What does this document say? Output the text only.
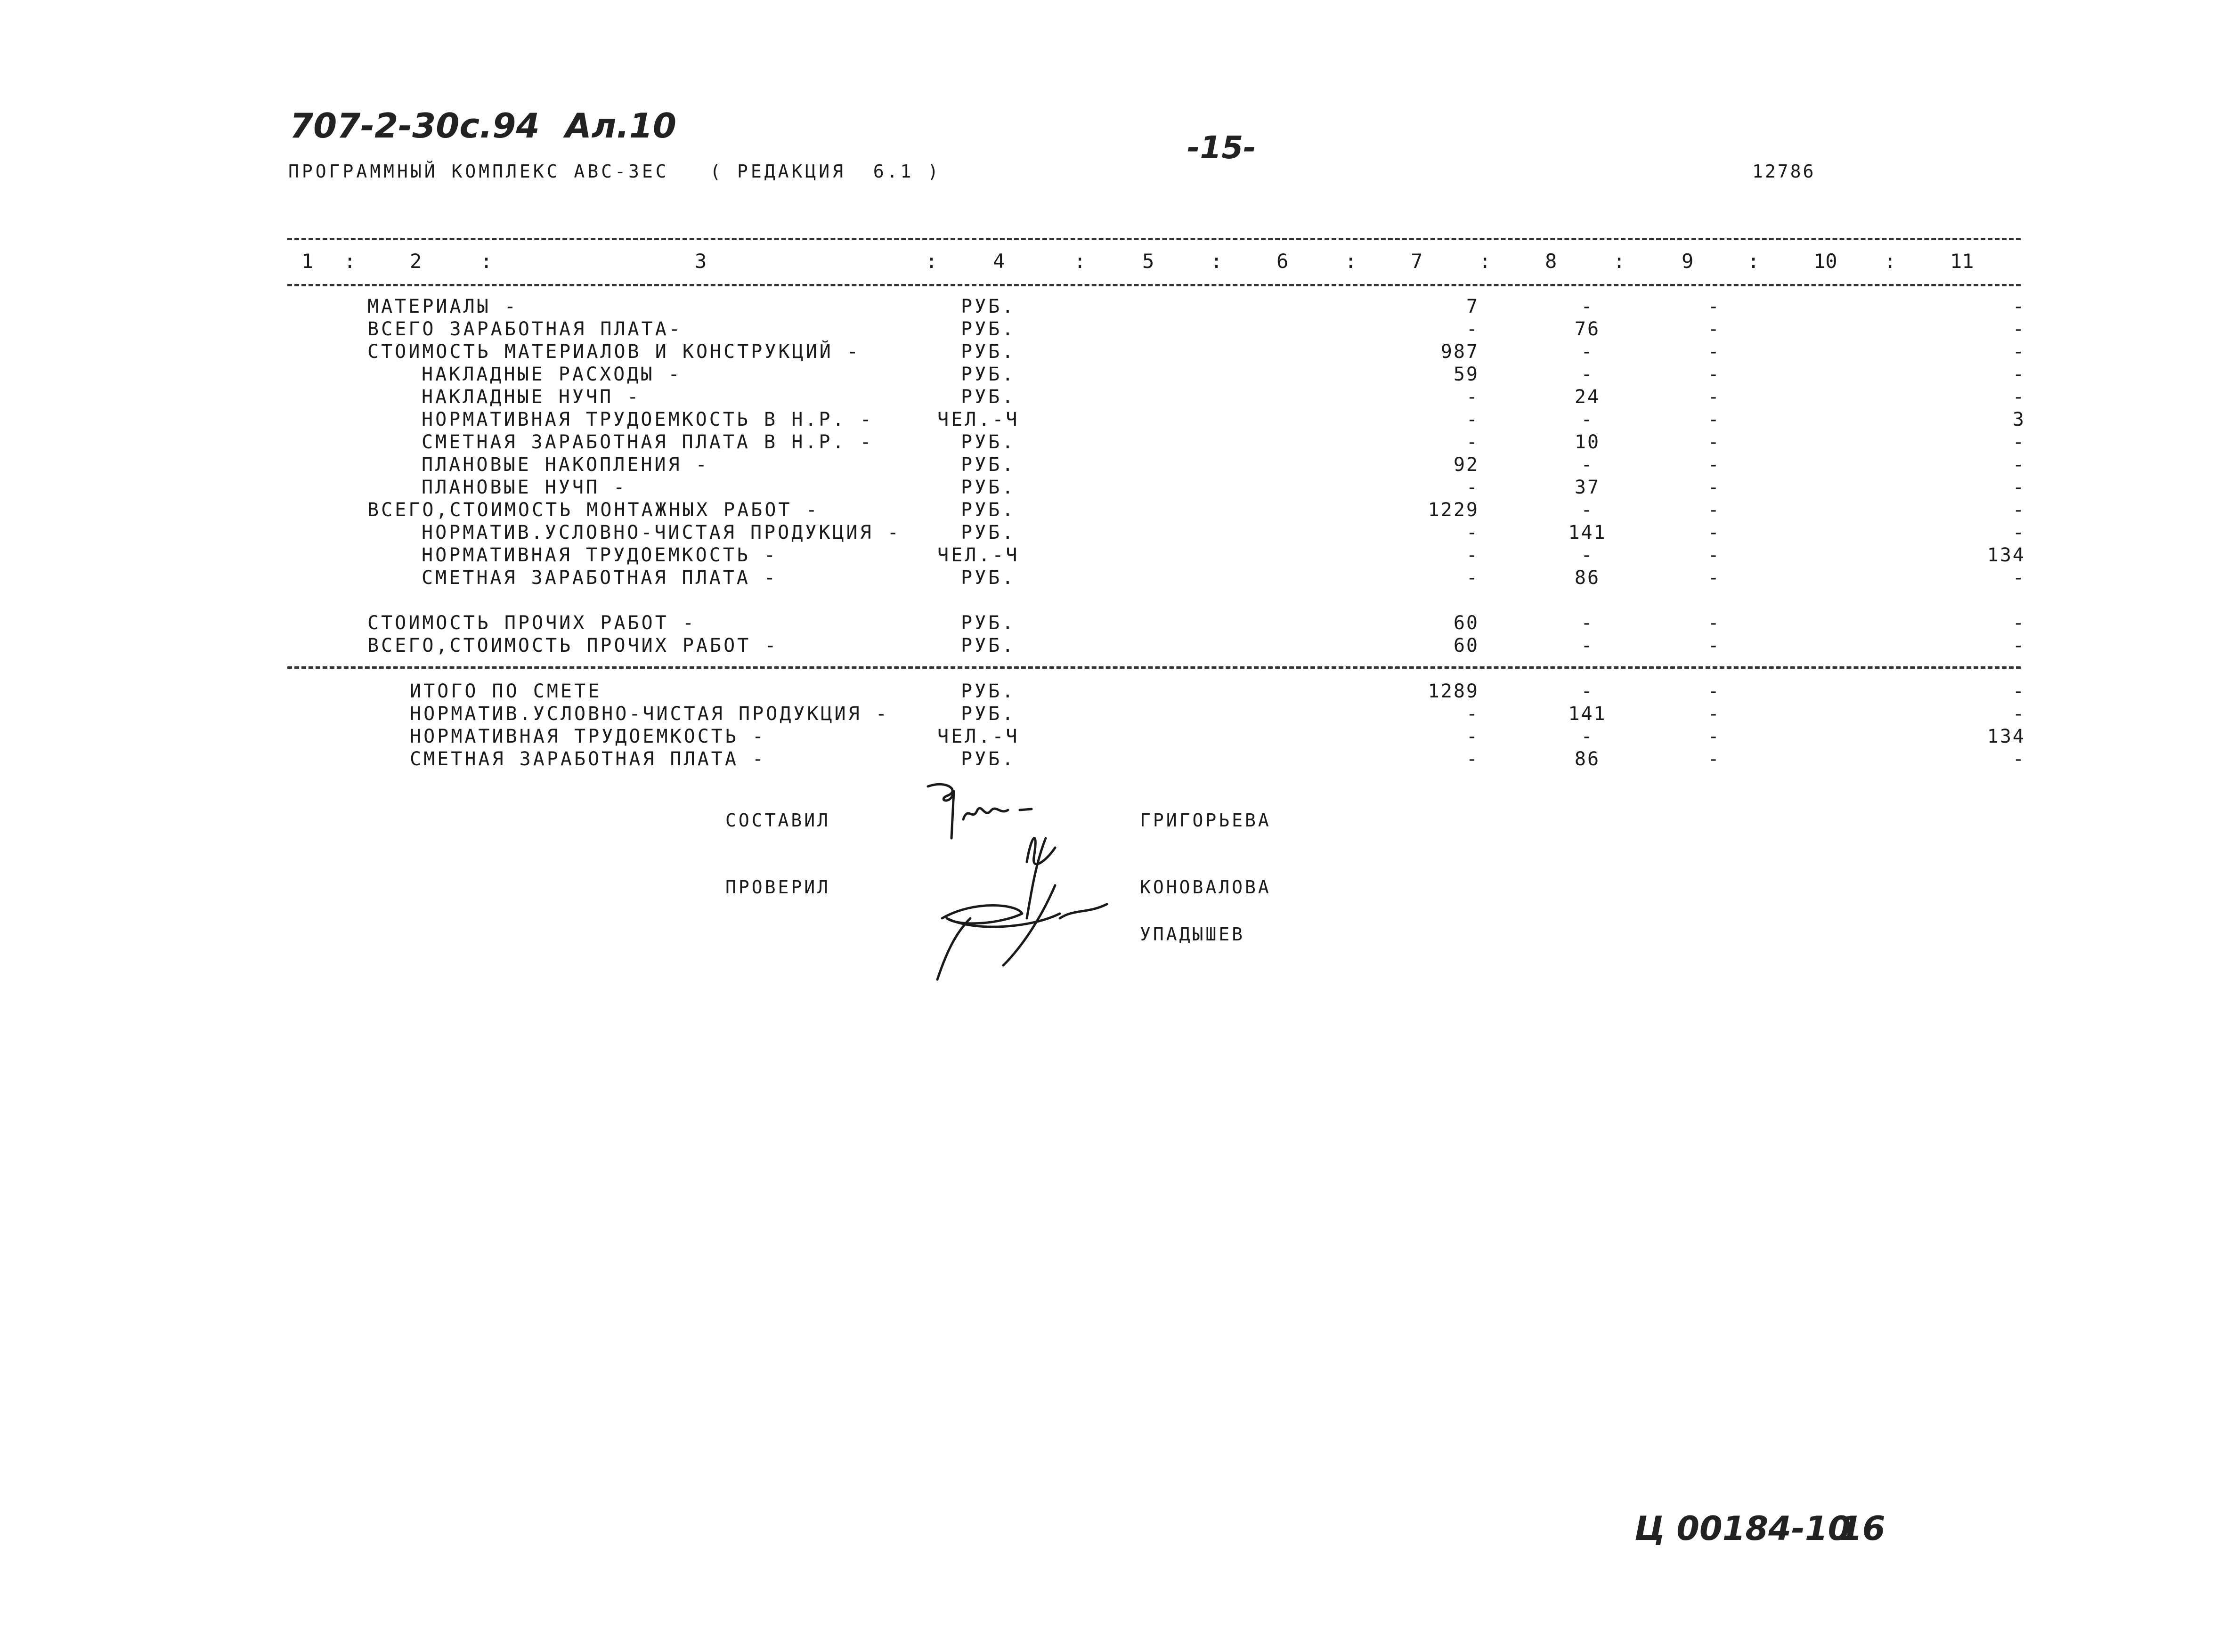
707-2-30с.94 Ал.10
-15-
ПРОГРАММНЫЙ КОМПЛЕКС АВС-3ЕС   ( РЕДАКЦИЯ  6.1 )	12786
1	2	3	4	5	6	7	8	9	10	11
:	:	:	:	:	:	:	:	:	:
МАТЕРИАЛЫ -	РУБ.	7	-	-	-
ВСЕГО ЗАРАБОТНАЯ ПЛАТА-	РУБ.	-	76	-	-
СТОИМОСТЬ МАТЕРИАЛОВ И КОНСТРУКЦИЙ -	РУБ.	987	-	-	-
НАКЛАДНЫЕ РАСХОДЫ -	РУБ.	59	-	-	-
НАКЛАДНЫЕ НУЧП -	РУБ.	-	24	-	-
НОРМАТИВНАЯ ТРУДОЕМКОСТЬ В Н.Р. -	ЧЕЛ.-Ч	-	-	-	3
СМЕТНАЯ ЗАРАБОТНАЯ ПЛАТА В Н.Р. -	РУБ.	-	10	-	-
ПЛАНОВЫЕ НАКОПЛЕНИЯ -	РУБ.	92	-	-	-
ПЛАНОВЫЕ НУЧП -	РУБ.	-	37	-	-
ВСЕГО,СТОИМОСТЬ МОНТАЖНЫХ РАБОТ -	РУБ.	1229	-	-	-
НОРМАТИВ.УСЛОВНО-ЧИСТАЯ ПРОДУКЦИЯ -	РУБ.	-	141	-	-
НОРМАТИВНАЯ ТРУДОЕМКОСТЬ -	ЧЕЛ.-Ч	-	-	-	134
СМЕТНАЯ ЗАРАБОТНАЯ ПЛАТА -	РУБ.	-	86	-	-
СТОИМОСТЬ ПРОЧИХ РАБОТ -	РУБ.	60	-	-	-
ВСЕГО,СТОИМОСТЬ ПРОЧИХ РАБОТ -	РУБ.	60	-	-	-
ИТОГО ПО СМЕТЕ	РУБ.	1289	-	-	-
НОРМАТИВ.УСЛОВНО-ЧИСТАЯ ПРОДУКЦИЯ -	РУБ.	-	141	-	-
НОРМАТИВНАЯ ТРУДОЕМКОСТЬ -	ЧЕЛ.-Ч	-	-	-	134
СМЕТНАЯ ЗАРАБОТНАЯ ПЛАТА -	РУБ.	-	86	-	-
СОСТАВИЛ	ГРИГОРЬЕВА
ПРОВЕРИЛ	КОНОВАЛОВА
УПАДЫШЕВ
Ц 00184-10
16
